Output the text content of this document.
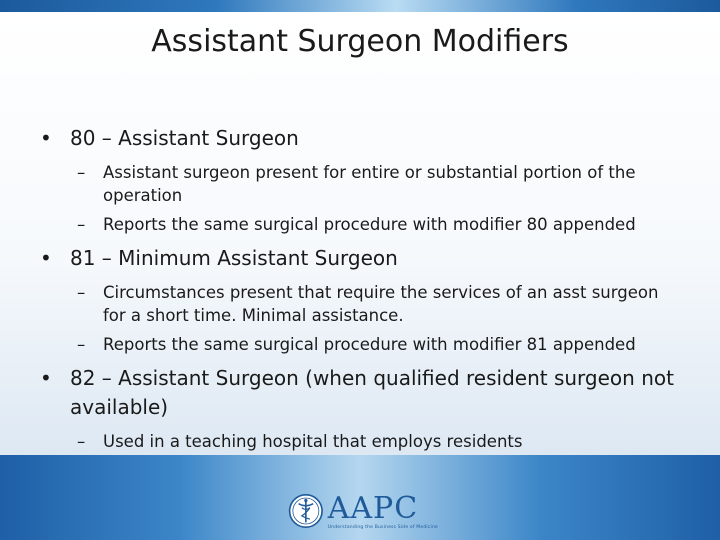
Assistant Surgeon Modifiers
• 80 – Assistant Surgeon
– Assistant surgeon present for entire or substantial portion of the operation
– Reports the same surgical procedure with modifier 80 appended
• 81 – Minimum Assistant Surgeon
– Circumstances present that require the services of an asst surgeon for a short time. Minimal assistance.
– Reports the same surgical procedure with modifier 81 appended
• 82 – Assistant Surgeon (when qualified resident surgeon not available)
– Used in a teaching hospital that employs residents
AAPC
Understanding the Business Side of Medicine
